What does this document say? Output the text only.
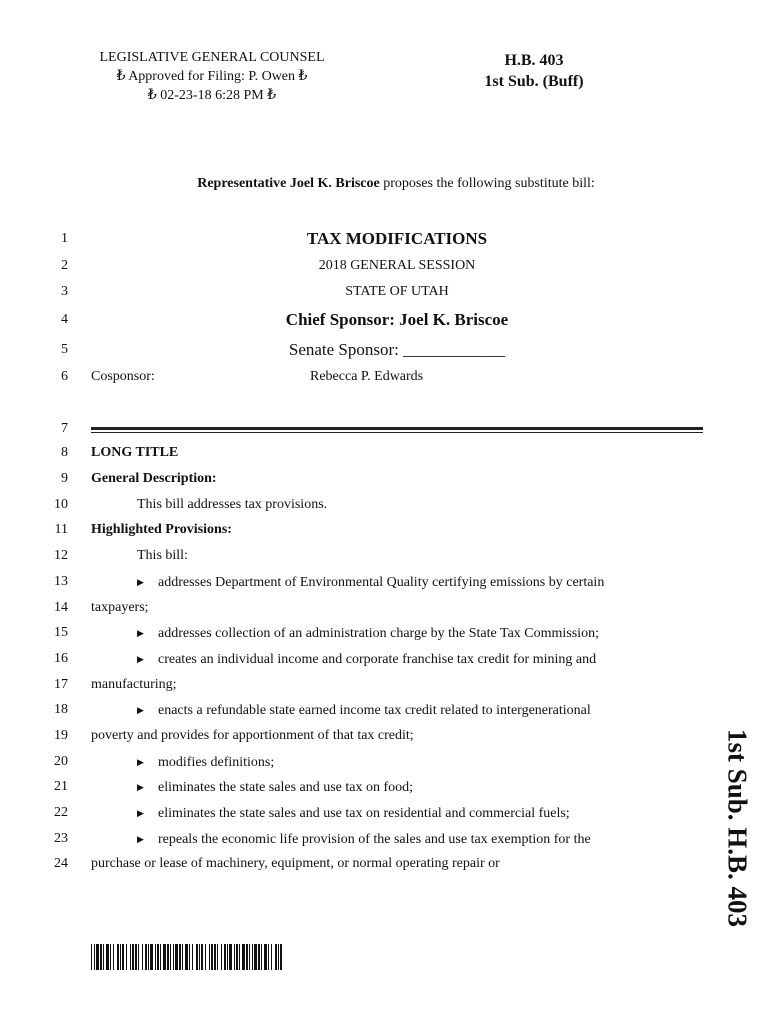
LEGISLATIVE GENERAL COUNSEL
₺ Approved for Filing: P. Owen ₺
₺ 02-23-18 6:28 PM ₺
H.B. 403
1st Sub. (Buff)
Representative Joel K. Briscoe proposes the following substitute bill:
1	TAX MODIFICATIONS
2	2018 GENERAL SESSION
3	STATE OF UTAH
4	Chief Sponsor: Joel K. Briscoe
5	Senate Sponsor: ____________
6 Cosponsor:	Rebecca P. Edwards
7
8 LONG TITLE
9 General Description:
10	This bill addresses tax provisions.
11 Highlighted Provisions:
12	This bill:
13	▶ addresses Department of Environmental Quality certifying emissions by certain
14 taxpayers;
15	▶ addresses collection of an administration charge by the State Tax Commission;
16	▶ creates an individual income and corporate franchise tax credit for mining and
17 manufacturing;
18	▶ enacts a refundable state earned income tax credit related to intergenerational
19 poverty and provides for apportionment of that tax credit;
20	▶ modifies definitions;
21	▶ eliminates the state sales and use tax on food;
22	▶ eliminates the state sales and use tax on residential and commercial fuels;
23	▶ repeals the economic life provision of the sales and use tax exemption for the
24 purchase or lease of machinery, equipment, or normal operating repair or	1st Sub. H.B. 403
